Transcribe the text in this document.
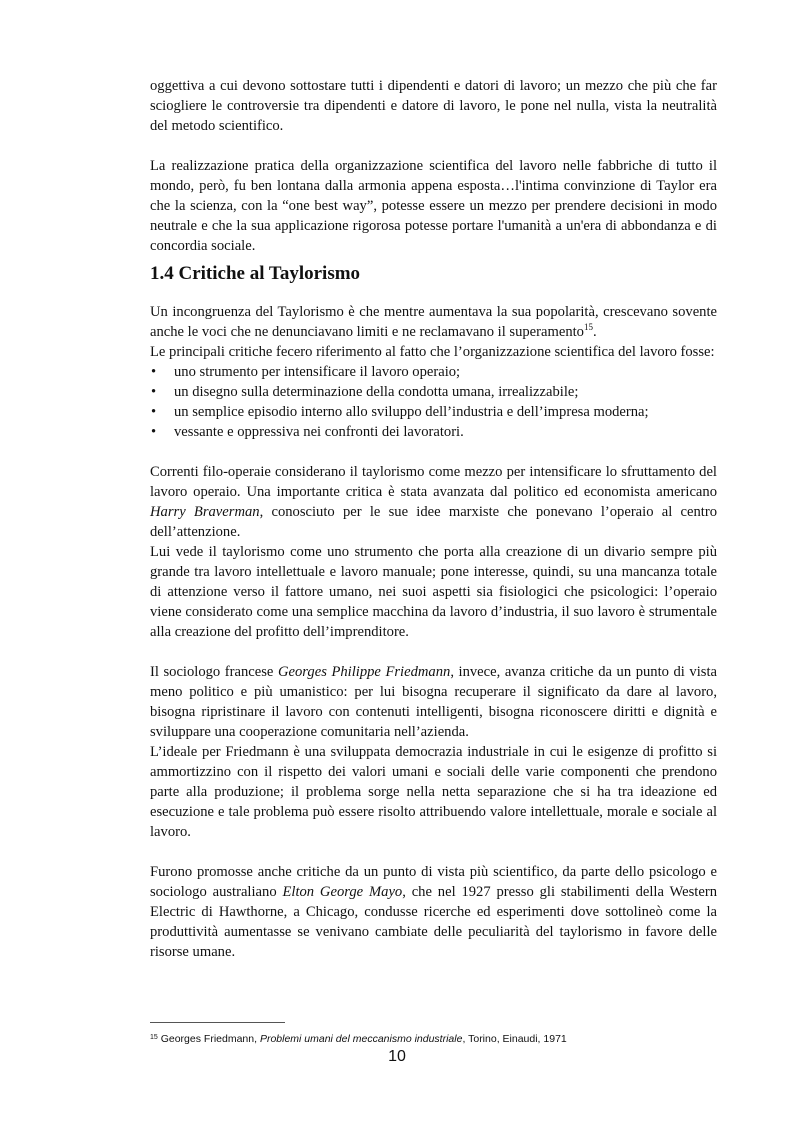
oggettiva a cui devono sottostare tutti i dipendenti e datori di lavoro; un mezzo che più che far sciogliere le controversie tra dipendenti e datore di lavoro, le pone nel nulla, vista la neutralità del metodo scientifico.

La realizzazione pratica della organizzazione scientifica del lavoro nelle fabbriche di tutto il mondo, però, fu ben lontana dalla armonia appena esposta…l'intima convinzione di Taylor era che la scienza, con la “one best way”, potesse essere un mezzo per prendere decisioni in modo neutrale e che la sua applicazione rigorosa potesse portare l'umanità a un'era di abbondanza e di concordia sociale.

1.4 Critiche al Taylorismo

Un incongruenza del Taylorismo è che mentre aumentava la sua popolarità, crescevano sovente anche le voci che ne denunciavano limiti e ne reclamavano il superamento$^{15}$.

Le principali critiche fecero riferimento al fatto che l’organizzazione scientifica del lavoro fosse:

• uno strumento per intensificare il lavoro operaio;
• un disegno sulla determinazione della condotta umana, irrealizzabile;
• un semplice episodio interno allo sviluppo dell’industria e dell’impresa moderna;
• vessante e oppressiva nei confronti dei lavoratori.

Correnti filo-operaie considerano il taylorismo come mezzo per intensificare lo sfruttamento del lavoro operaio. Una importante critica è stata avanzata dal politico ed economista americano Harry Braverman, conosciuto per le sue idee marxiste che ponevano l’operaio al centro dell’attenzione.

Lui vede il taylorismo come uno strumento che porta alla creazione di un divario sempre più grande tra lavoro intellettuale e lavoro manuale; pone interesse, quindi, su una mancanza totale di attenzione verso il fattore umano, nei suoi aspetti sia fisiologici che psicologici: l’operaio viene considerato come una semplice macchina da lavoro d’industria, il suo lavoro è strumentale alla creazione del profitto dell’imprenditore.

Il sociologo francese Georges Philippe Friedmann, invece, avanza critiche da un punto di vista meno politico e più umanistico: per lui bisogna recuperare il significato da dare al lavoro, bisogna ripristinare il lavoro con contenuti intelligenti, bisogna riconoscere diritti e dignità e sviluppare una cooperazione comunitaria nell’azienda.

L’ideale per Friedmann è una sviluppata democrazia industriale in cui le esigenze di profitto si ammortizzino con il rispetto dei valori umani e sociali delle varie componenti che prendono parte alla produzione; il problema sorge nella netta separazione che si ha tra ideazione ed esecuzione e tale problema può essere risolto attribuendo valore intellettuale, morale e sociale al lavoro.

Furono promosse anche critiche da un punto di vista più scientifico, da parte dello psicologo e sociologo australiano Elton George Mayo, che nel 1927 presso gli stabilimenti della Western Electric di Hawthorne, a Chicago, condusse ricerche ed esperimenti dove sottolineò come la produttività aumentasse se venivano cambiate delle peculiarità del taylorismo in favore delle risorse umane.

$^{15}$ Georges Friedmann, Problemi umani del meccanismo industriale, Torino, Einaudi, 1971
10
